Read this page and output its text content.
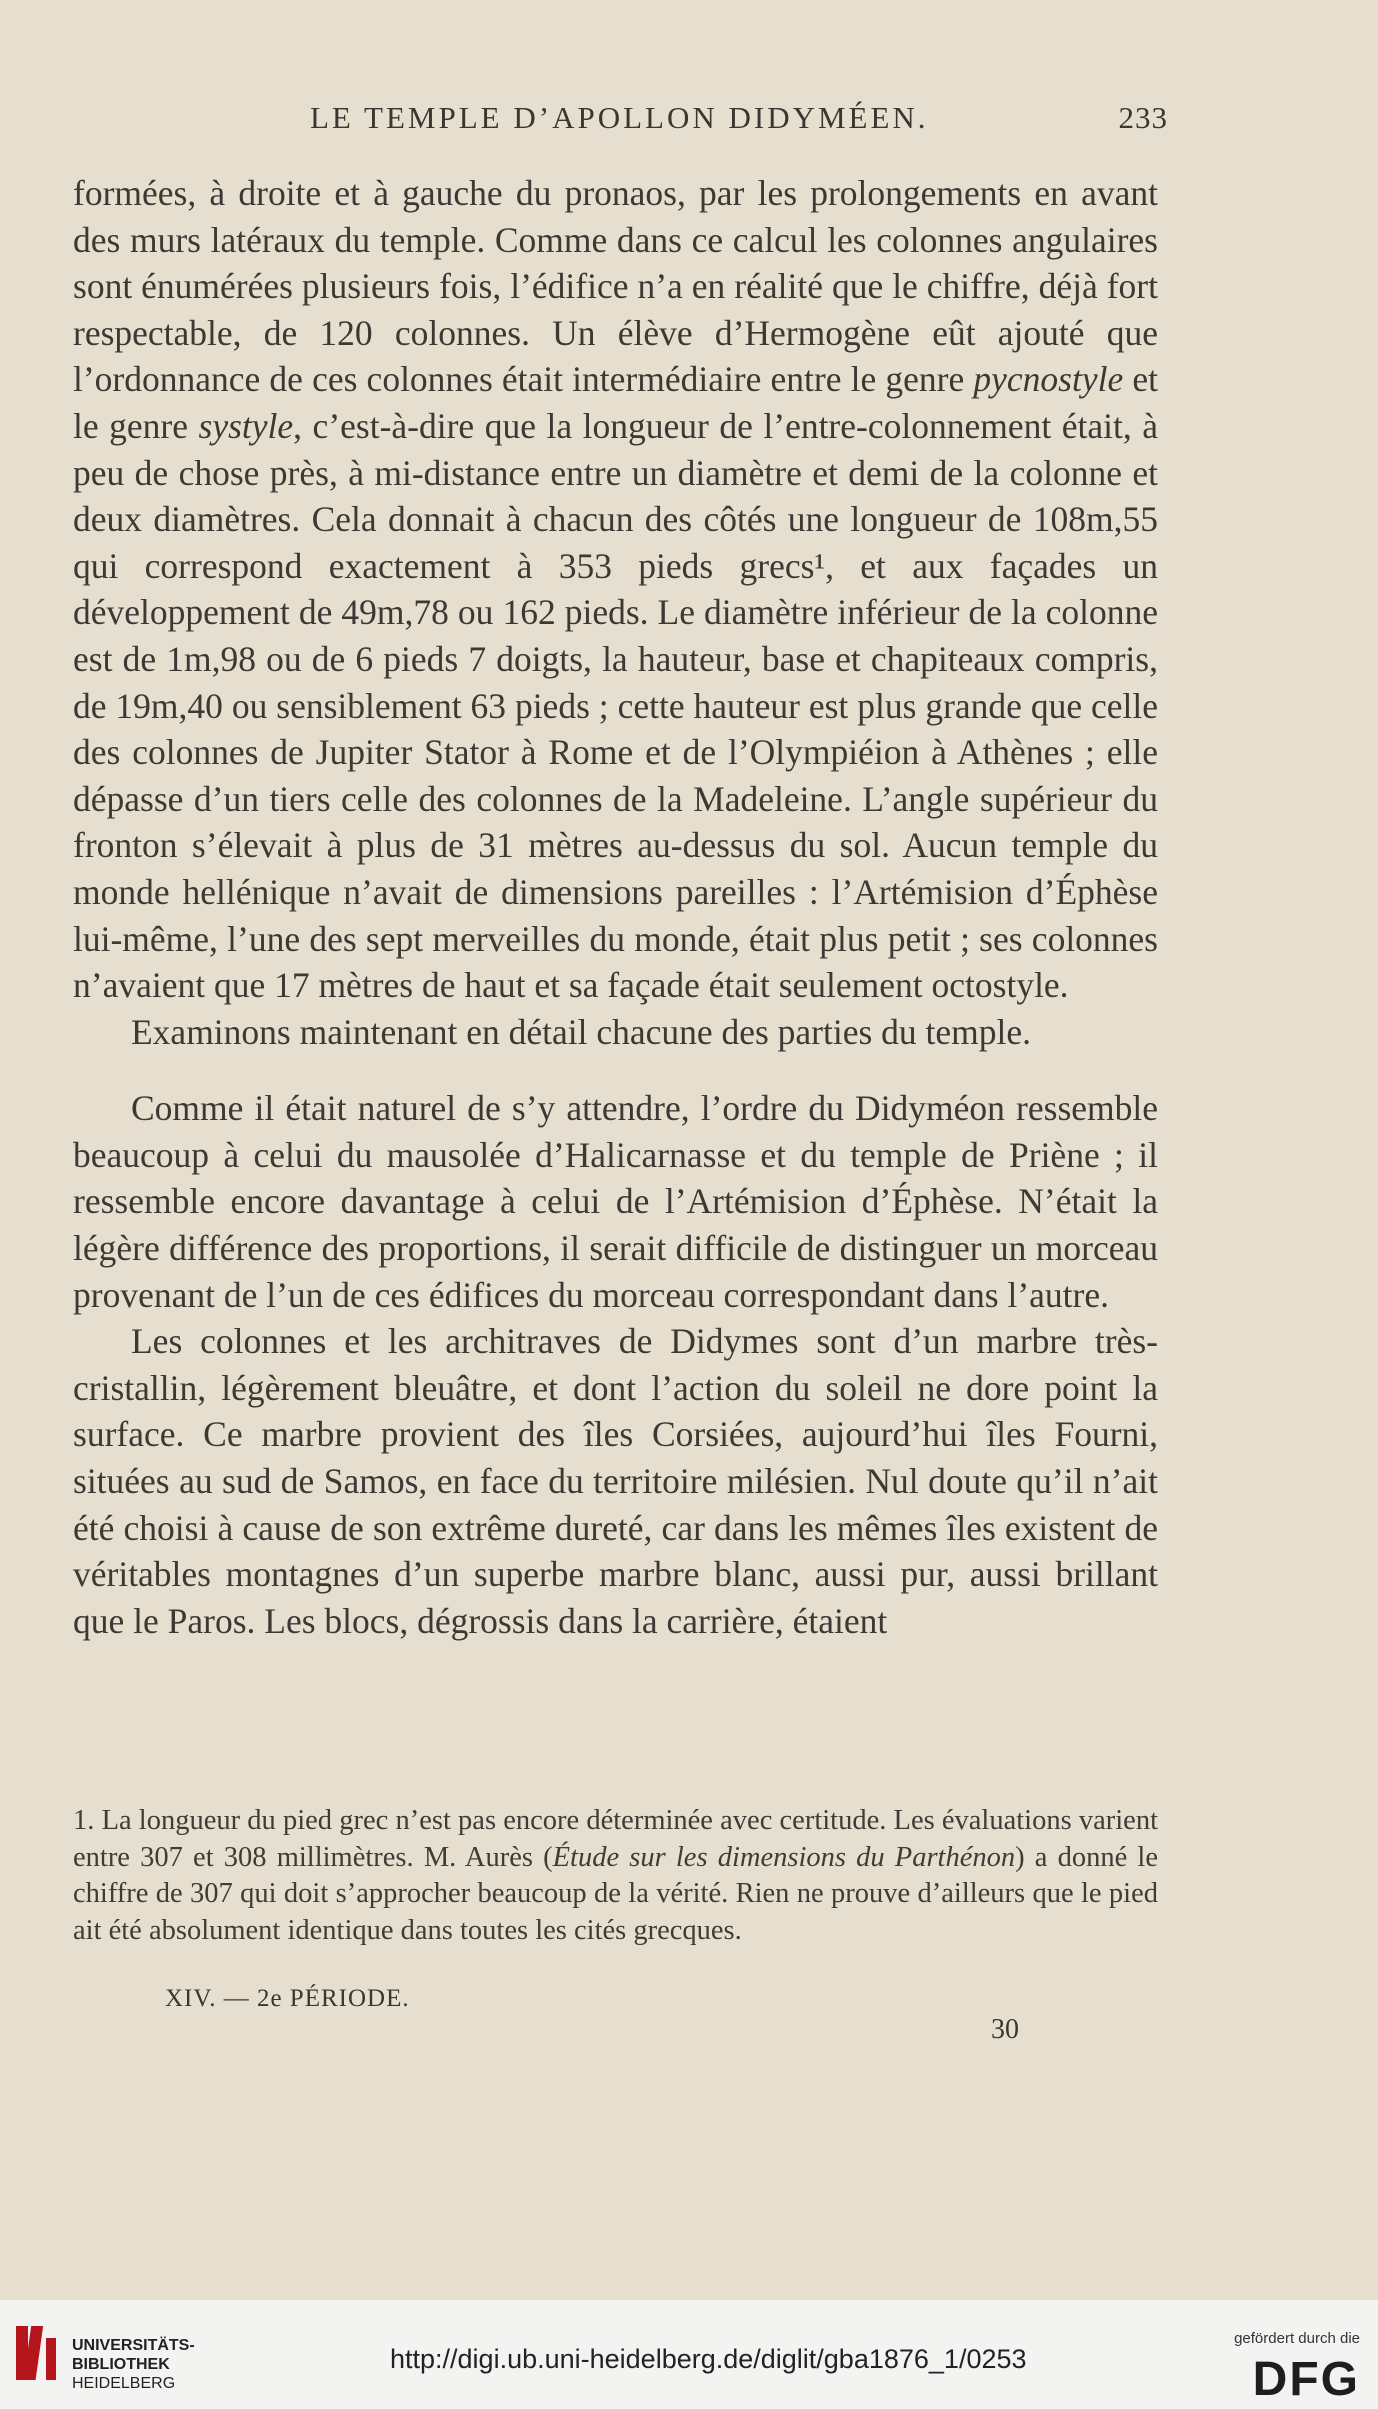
LE TEMPLE D’APOLLON DIDYMÉEN.	233

formées, à droite et à gauche du pronaos, par les prolongements en avant des murs latéraux du temple. Comme dans ce calcul les colonnes angulaires sont énumérées plusieurs fois, l’édifice n’a en réalité que le chiffre, déjà fort respectable, de 120 colonnes. Un élève d’Hermogène eût ajouté que l’ordonnance de ces colonnes était intermédiaire entre le genre pycnostyle et le genre systyle, c’est-à-dire que la longueur de l’entre-colonnement était, à peu de chose près, à mi-distance entre un diamètre et demi de la colonne et deux diamètres. Cela donnait à chacun des côtés une longueur de 108m,55 qui correspond exactement à 353 pieds grecs¹, et aux façades un développement de 49m,78 ou 162 pieds. Le diamètre inférieur de la colonne est de 1m,98 ou de 6 pieds 7 doigts, la hauteur, base et chapiteaux compris, de 19m,40 ou sensiblement 63 pieds ; cette hauteur est plus grande que celle des colonnes de Jupiter Stator à Rome et de l’Olympiéion à Athènes ; elle dépasse d’un tiers celle des colonnes de la Madeleine. L’angle supérieur du fronton s’élevait à plus de 31 mètres au-dessus du sol. Aucun temple du monde hellénique n’avait de dimensions pareilles : l’Artémision d’Éphèse lui-même, l’une des sept merveilles du monde, était plus petit ; ses colonnes n’avaient que 17 mètres de haut et sa façade était seulement octostyle.

Examinons maintenant en détail chacune des parties du temple.

Comme il était naturel de s’y attendre, l’ordre du Didyméon ressemble beaucoup à celui du mausolée d’Halicarnasse et du temple de Priène ; il ressemble encore davantage à celui de l’Artémision d’Éphèse. N’était la légère différence des proportions, il serait difficile de distinguer un morceau provenant de l’un de ces édifices du morceau correspondant dans l’autre.

Les colonnes et les architraves de Didymes sont d’un marbre très-cristallin, légèrement bleuâtre, et dont l’action du soleil ne dore point la surface. Ce marbre provient des îles Corsiées, aujourd’hui îles Fourni, situées au sud de Samos, en face du territoire milésien. Nul doute qu’il n’ait été choisi à cause de son extrême dureté, car dans les mêmes îles existent de véritables montagnes d’un superbe marbre blanc, aussi pur, aussi brillant que le Paros. Les blocs, dégrossis dans la carrière, étaient

1. La longueur du pied grec n’est pas encore déterminée avec certitude. Les évaluations varient entre 307 et 308 millimètres. M. Aurès (Étude sur les dimensions du Parthénon) a donné le chiffre de 307 qui doit s’approcher beaucoup de la vérité. Rien ne prouve d’ailleurs que le pied ait été absolument identique dans toutes les cités grecques.

XIV. — 2e PÉRIODE.
30
UNIVERSITÄTS-
BIBLIOTHEK
HEIDELBERG
http://digi.ub.uni-heidelberg.de/diglit/gba1876_1/0253
gefördert durch die
DFG
